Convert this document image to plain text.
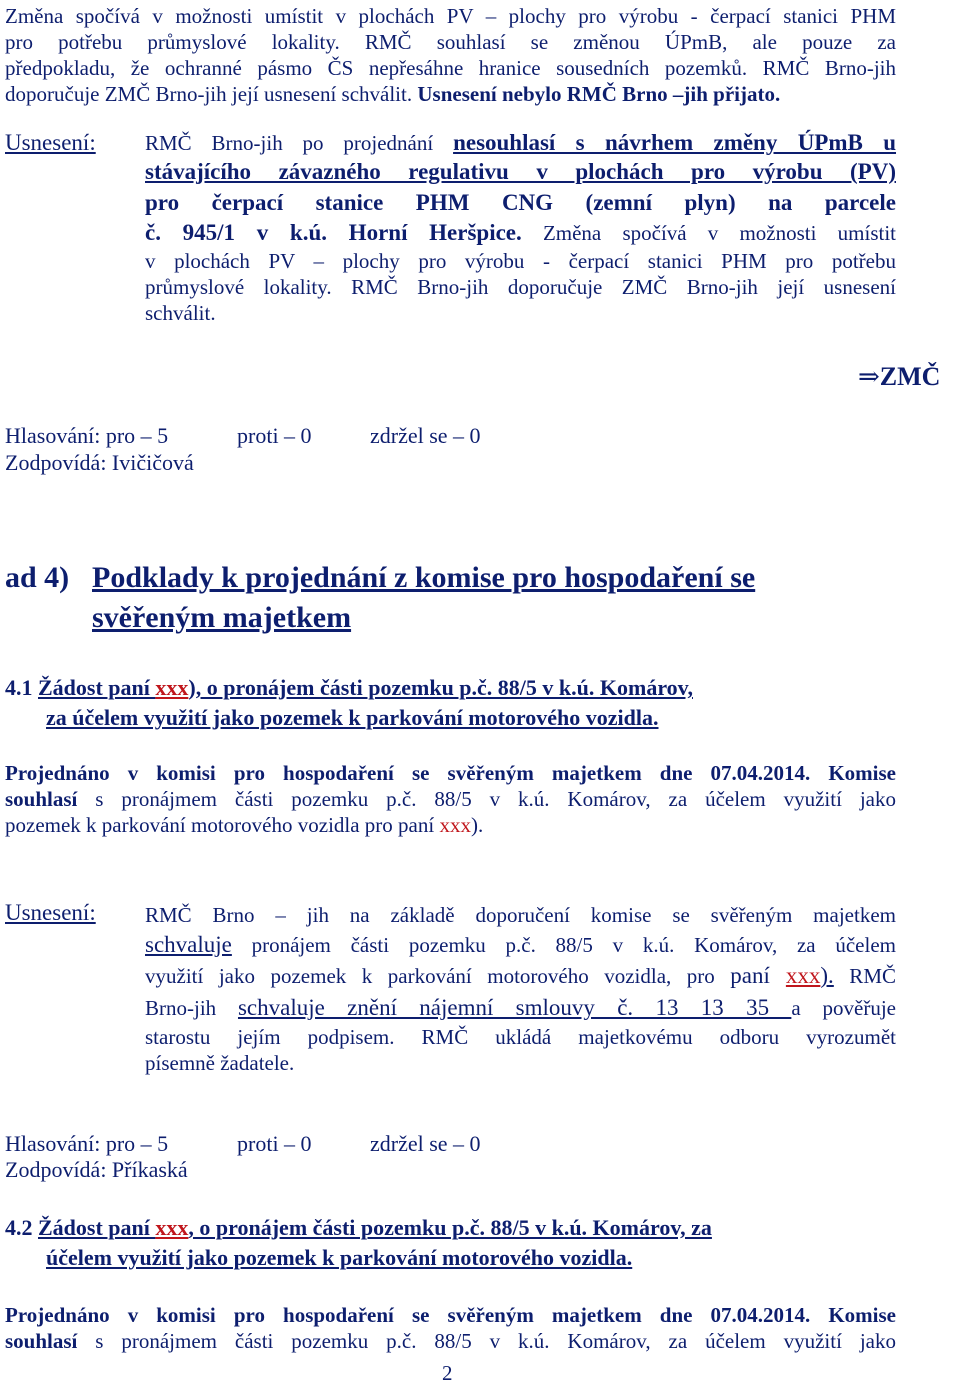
Změna spočívá v možnosti umístit v plochách PV – plochy pro výrobu - čerpací stanici PHM
pro potřebu průmyslové lokality. RMČ souhlasí se změnou ÚPmB, ale pouze za
předpokladu, že ochranné pásmo ČS nepřesáhne hranice sousedních pozemků. RMČ Brno-jih
doporučuje ZMČ Brno-jih její usnesení schválit. Usnesení nebylo RMČ Brno –jih přijato.
Usnesení: RMČ Brno-jih po projednání nesouhlasí s návrhem změny ÚPmB u
stávajícího závazného regulativu v plochách pro výrobu (PV)
pro čerpací stanice PHM CNG (zemní plyn) na parcele
č. 945/1 v k.ú. Horní Heršpice. Změna spočívá v možnosti umístit
v plochách PV – plochy pro výrobu - čerpací stanici PHM pro potřebu
průmyslové lokality. RMČ Brno-jih doporučuje ZMČ Brno-jih její usnesení
schválit.
⇒ZMČ
Hlasování: pro – 5	proti – 0	zdržel se – 0
Zodpovídá: Ivičičová
ad 4) Podklady k projednání z komise pro hospodaření se
svěřeným majetkem
4.1 Žádost paní xxx), o pronájem části pozemku p.č. 88/5 v k.ú. Komárov,
za účelem využití jako pozemek k parkování motorového vozidla.
Projednáno v komisi pro hospodaření se svěřeným majetkem dne 07.04.2014. Komise
souhlasí s pronájmem části pozemku p.č. 88/5 v k.ú. Komárov, za účelem využití jako
pozemek k parkování motorového vozidla pro paní xxx).
Usnesení: RMČ Brno – jih na základě doporučení komise se svěřeným majetkem
schvaluje pronájem části pozemku p.č. 88/5 v k.ú. Komárov, za účelem
využití jako pozemek k parkování motorového vozidla, pro paní xxx). RMČ
Brno-jih schvaluje znění nájemní smlouvy č. 13 13 35 a pověřuje
starostu jejím podpisem. RMČ ukládá majetkovému odboru vyrozumět
písemně žadatele.
Hlasování: pro – 5	proti – 0	zdržel se – 0
Zodpovídá: Příkaská
4.2 Žádost paní xxx, o pronájem části pozemku p.č. 88/5 v k.ú. Komárov, za
účelem využití jako pozemek k parkování motorového vozidla.
Projednáno v komisi pro hospodaření se svěřeným majetkem dne 07.04.2014. Komise
souhlasí s pronájmem části pozemku p.č. 88/5 v k.ú. Komárov, za účelem využití jako
2
